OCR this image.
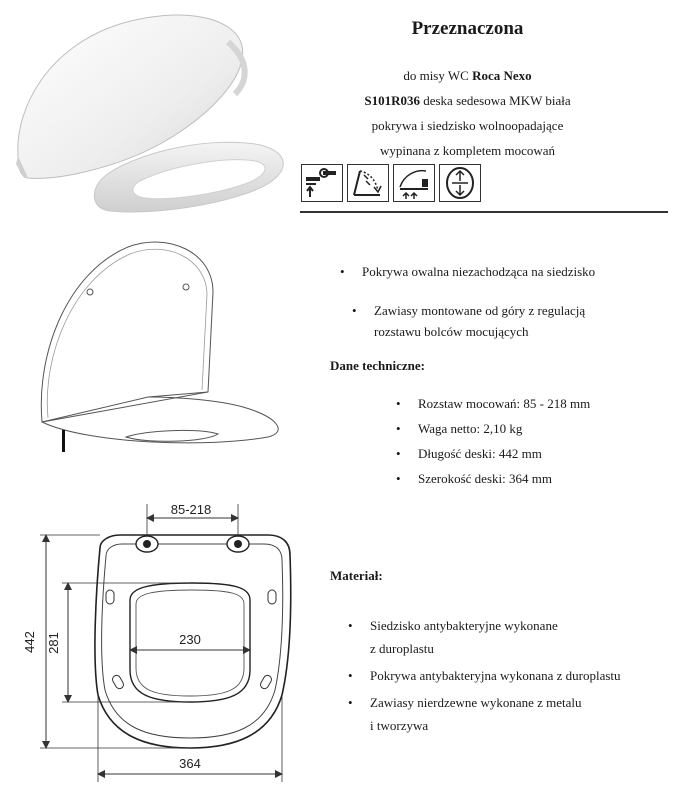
Przeznaczona
do misy WC Roca Nexo
S101R036 deska sedesowa MKW biała
pokrywa i siedzisko wolnoopadające
wypinana z kompletem mocowań
• Pokrywa owalna niezachodząca na siedzisko
• Zawiasy montowane od góry z regulacją
rozstawu bolców mocujących
Dane techniczne:
• Rozstaw mocowań: 85 - 218 mm
• Waga netto: 2,10 kg
• Długość deski: 442 mm
• Szerokość deski: 364 mm
85-218
442 281	230
364
Materiał:
• Siedzisko antybakteryjne wykonane
z duroplastu
• Pokrywa antybakteryjna wykonana z duroplastu
• Zawiasy nierdzewne wykonane z metalu
i tworzywa
